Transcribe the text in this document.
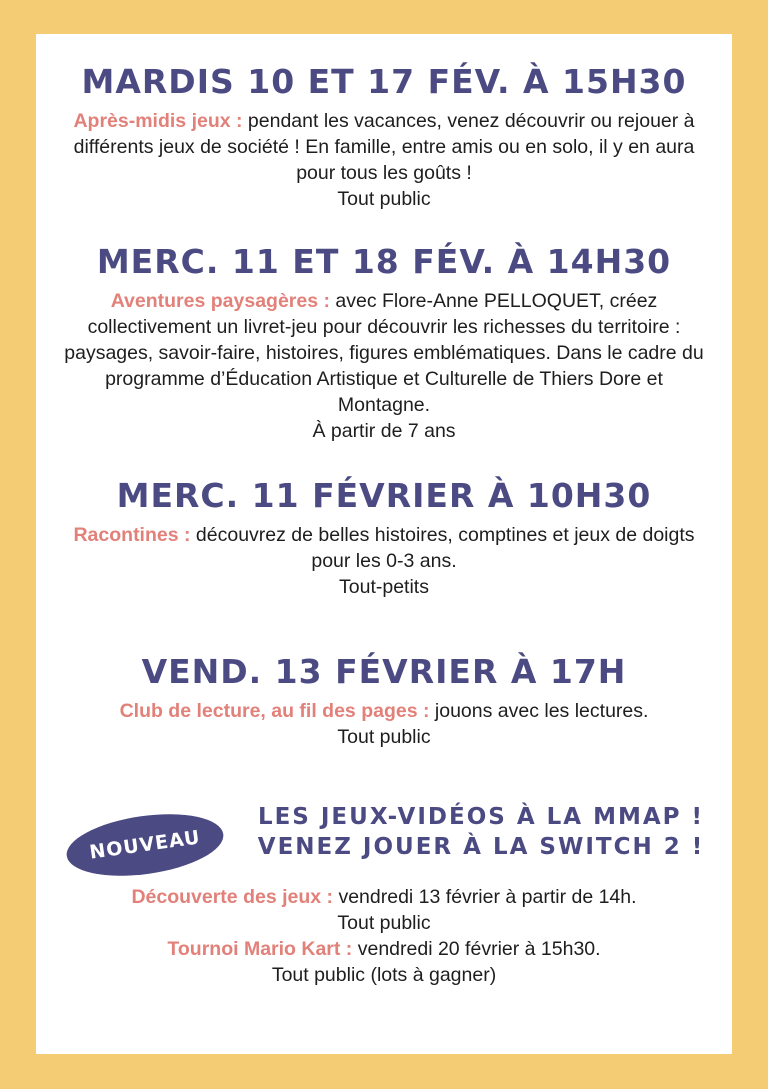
MARDIS 10 ET 17 FÉV. À 15H30

Après-midis jeux : pendant les vacances, venez découvrir ou rejouer à différents jeux de société ! En famille, entre amis ou en solo, il y en aura pour tous les goûts !
Tout public

MERC. 11 ET 18 FÉV. À 14H30

Aventures paysagères : avec Flore-Anne PELLOQUET, créez collectivement un livret-jeu pour découvrir les richesses du territoire : paysages, savoir-faire, histoires, figures emblématiques. Dans le cadre du programme d’Éducation Artistique et Culturelle de Thiers Dore et Montagne.
À partir de 7 ans

MERC. 11 FÉVRIER À 10H30

Racontines : découvrez de belles histoires, comptines et jeux de doigts pour les 0-3 ans.
Tout-petits

VEND. 13 FÉVRIER À 17H

Club de lecture, au fil des pages : jouons avec les lectures.
Tout public

NOUVEAU
LES JEUX-VIDÉOS À LA MMAP !
VENEZ JOUER À LA SWITCH 2 !

Découverte des jeux : vendredi 13 février à partir de 14h.
Tout public

Tournoi Mario Kart : vendredi 20 février à 15h30.
Tout public (lots à gagner)
